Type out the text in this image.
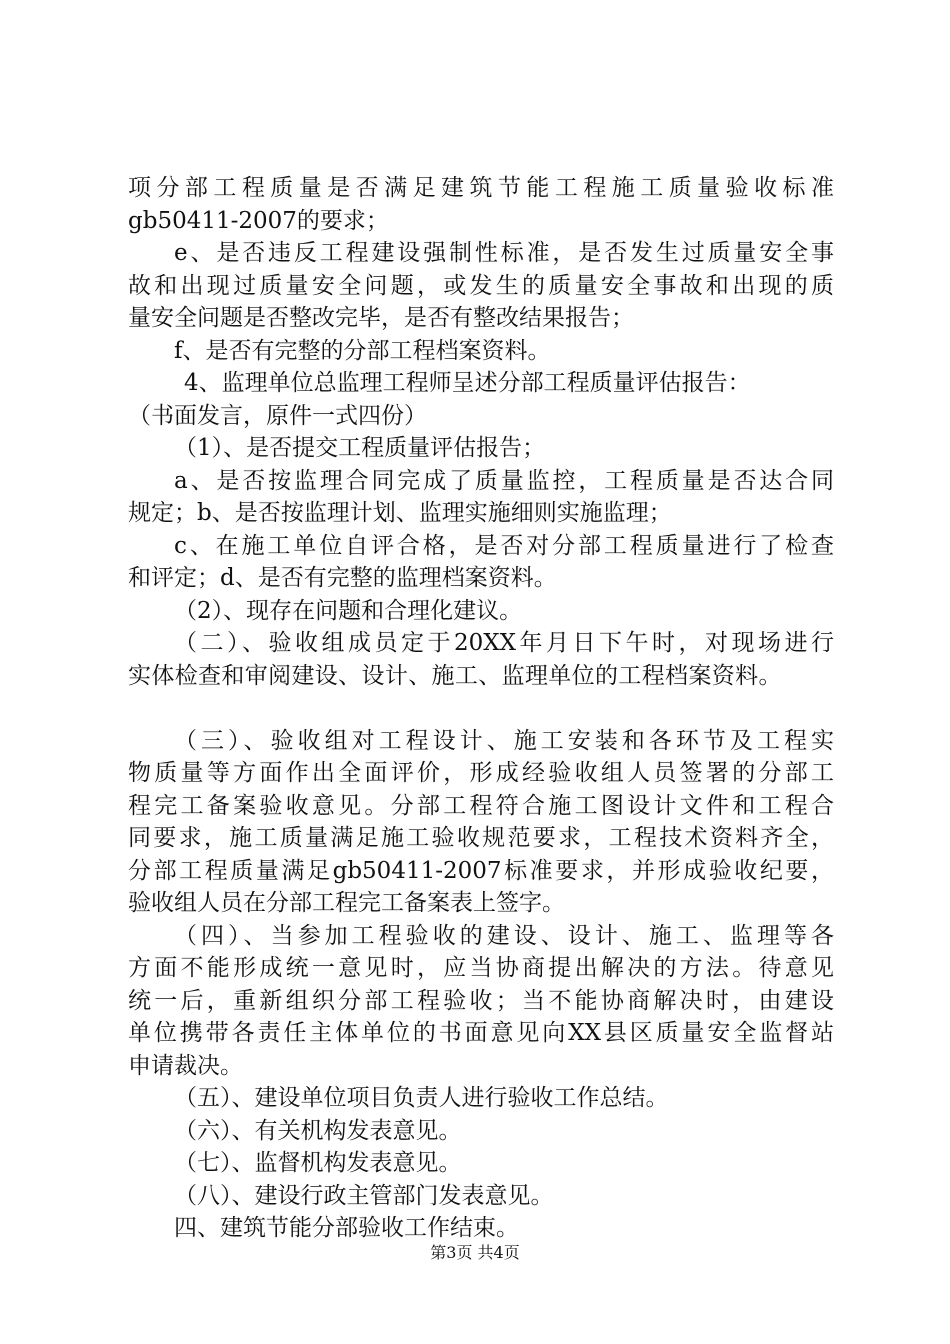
项分部工程质量是否满足建筑节能工程施工质量验收标准
gb50411-2007的要求；
e、是否违反工程建设强制性标准，是否发生过质量安全事
故和出现过质量安全问题，或发生的质量安全事故和出现的质
量安全问题是否整改完毕，是否有整改结果报告；
f、是否有完整的分部工程档案资料。
4、监理单位总监理工程师呈述分部工程质量评估报告：
（书面发言，原件一式四份）
（1）、是否提交工程质量评估报告；
a、是否按监理合同完成了质量监控，工程质量是否达合同
规定；b、是否按监理计划、监理实施细则实施监理；
c、在施工单位自评合格，是否对分部工程质量进行了检查
和评定；d、是否有完整的监理档案资料。
（2）、现存在问题和合理化建议。
（二）、验收组成员定于20XX年月日下午时，对现场进行
实体检查和审阅建设、设计、施工、监理单位的工程档案资料。
（三）、验收组对工程设计、施工安装和各环节及工程实
物质量等方面作出全面评价，形成经验收组人员签署的分部工
程完工备案验收意见。分部工程符合施工图设计文件和工程合
同要求，施工质量满足施工验收规范要求，工程技术资料齐全，
分部工程质量满足gb50411-2007标准要求，并形成验收纪要，
验收组人员在分部工程完工备案表上签字。
（四）、当参加工程验收的建设、设计、施工、监理等各
方面不能形成统一意见时，应当协商提出解决的方法。待意见
统一后，重新组织分部工程验收；当不能协商解决时，由建设
单位携带各责任主体单位的书面意见向XX县区质量安全监督站
申请裁决。
（五）、建设单位项目负责人进行验收工作总结。
（六）、有关机构发表意见。
（七）、监督机构发表意见。
（八）、建设行政主管部门发表意见。
四、建筑节能分部验收工作结束。
第3页 共4页
